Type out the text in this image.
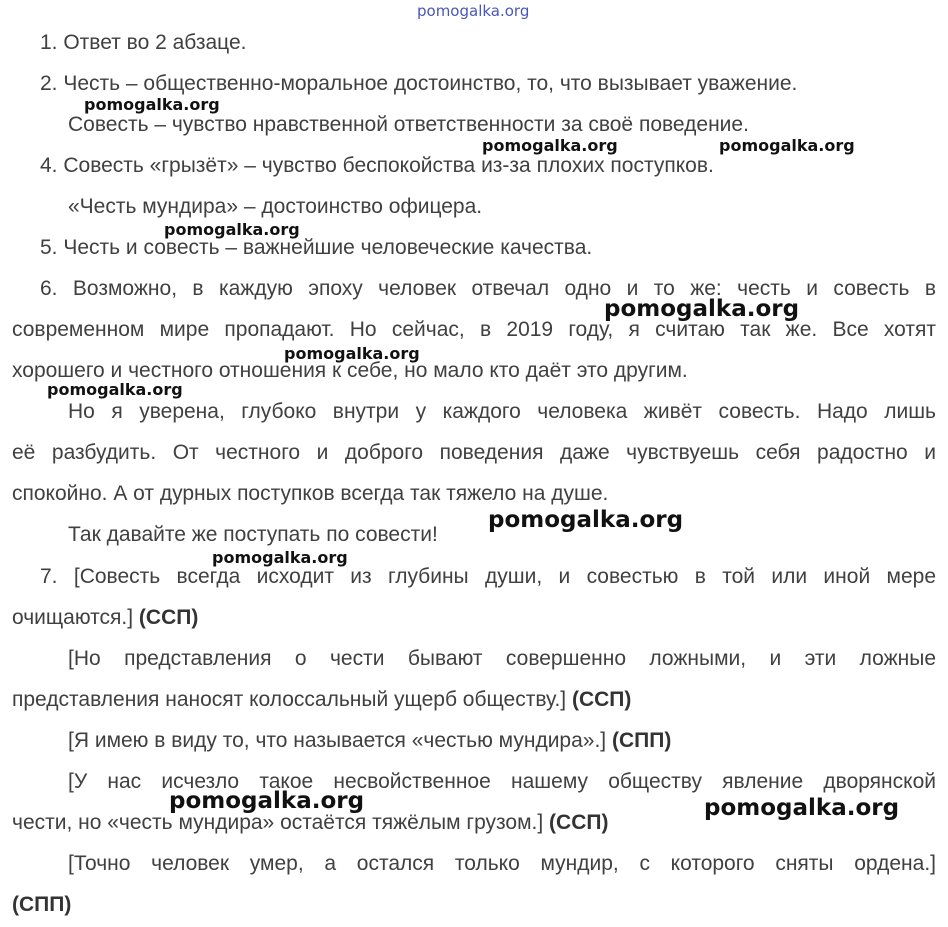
pomogalka.org
1. Ответ во 2 абзаце.
2. Честь – общественно-моральное достоинство, то, что вызывает уважение.
Совесть – чувство нравственной ответственности за своё поведение.
4. Совесть «грызёт» – чувство беспокойства из-за плохих поступков.
«Честь мундира» – достоинство офицера.
5. Честь и совесть – важнейшие человеческие качества.
6. Возможно, в каждую эпоху человек отвечал одно и то же: честь и совесть в
современном мире пропадают. Но сейчас, в 2019 году, я считаю так же. Все хотят
хорошего и честного отношения к себе, но мало кто даёт это другим.
Но я уверена, глубоко внутри у каждого человека живёт совесть. Надо лишь
её разбудить. От честного и доброго поведения даже чувствуешь себя радостно и
спокойно. А от дурных поступков всегда так тяжело на душе.
Так давайте же поступать по совести!
7. [Совесть всегда исходит из глубины души, и совестью в той или иной мере
очищаются.] (ССП)
[Но представления о чести бывают совершенно ложными, и эти ложные
представления наносят колоссальный ущерб обществу.] (ССП)
[Я имею в виду то, что называется «честью мундира».] (СПП)
[У нас исчезло такое несвойственное нашему обществу явление дворянской
чести, но «честь мундира» остаётся тяжёлым грузом.] (ССП)
[Точно человек умер, а остался только мундир, с которого сняты ордена.]
(СПП)
pomogalka.org
pomogalka.org	pomogalka.org
pomogalka.org
pomogalka.org
pomogalka.org
pomogalka.org
pomogalka.org
pomogalka.org
pomogalka.org	pomogalka.org
